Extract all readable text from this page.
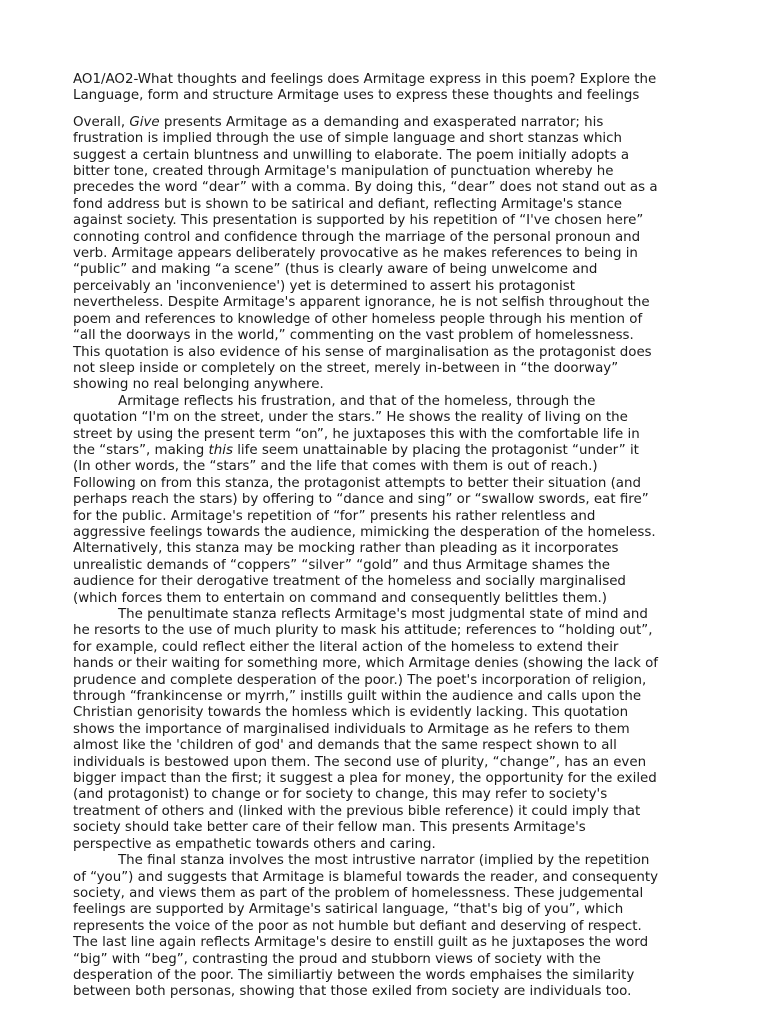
AO1/AO2-What thoughts and feelings does Armitage express in this poem? Explore the
Language, form and structure Armitage uses to express these thoughts and feelings
Overall, Give presents Armitage as a demanding and exasperated narrator; his
frustration is implied through the use of simple language and short stanzas which
suggest a certain bluntness and unwilling to elaborate. The poem initially adopts a
bitter tone, created through Armitage's manipulation of punctuation whereby he
precedes the word “dear” with a comma. By doing this, “dear” does not stand out as a
fond address but is shown to be satirical and defiant, reflecting Armitage's stance
against society. This presentation is supported by his repetition of “I've chosen here”
connoting control and confidence through the marriage of the personal pronoun and
verb. Armitage appears deliberately provocative as he makes references to being in
“public” and making “a scene” (thus is clearly aware of being unwelcome and
perceivably an 'inconvenience') yet is determined to assert his protagonist
nevertheless. Despite Armitage's apparent ignorance, he is not selfish throughout the
poem and references to knowledge of other homeless people through his mention of
“all the doorways in the world,” commenting on the vast problem of homelessness.
This quotation is also evidence of his sense of marginalisation as the protagonist does
not sleep inside or completely on the street, merely in-between in “the doorway”
showing no real belonging anywhere.
Armitage reflects his frustration, and that of the homeless, through the
quotation “I'm on the street, under the stars.” He shows the reality of living on the
street by using the present term “on”, he juxtaposes this with the comfortable life in
the “stars”, making this life seem unattainable by placing the protagonist “under” it
(In other words, the “stars” and the life that comes with them is out of reach.)
Following on from this stanza, the protagonist attempts to better their situation (and
perhaps reach the stars) by offering to “dance and sing” or “swallow swords, eat fire”
for the public. Armitage's repetition of “for” presents his rather relentless and
aggressive feelings towards the audience, mimicking the desperation of the homeless.
Alternatively, this stanza may be mocking rather than pleading as it incorporates
unrealistic demands of “coppers” “silver” “gold” and thus Armitage shames the
audience for their derogative treatment of the homeless and socially marginalised
(which forces them to entertain on command and consequently belittles them.)
The penultimate stanza reflects Armitage's most judgmental state of mind and
he resorts to the use of much plurity to mask his attitude; references to “holding out”,
for example, could reflect either the literal action of the homeless to extend their
hands or their waiting for something more, which Armitage denies (showing the lack of
prudence and complete desperation of the poor.) The poet's incorporation of religion,
through “frankincense or myrrh,” instills guilt within the audience and calls upon the
Christian genorisity towards the homless which is evidently lacking. This quotation
shows the importance of marginalised individuals to Armitage as he refers to them
almost like the 'children of god' and demands that the same respect shown to all
individuals is bestowed upon them. The second use of plurity, “change”, has an even
bigger impact than the first; it suggest a plea for money, the opportunity for the exiled
(and protagonist) to change or for society to change, this may refer to society's
treatment of others and (linked with the previous bible reference) it could imply that
society should take better care of their fellow man. This presents Armitage's
perspective as empathetic towards others and caring.
The final stanza involves the most intrustive narrator (implied by the repetition
of “you”) and suggests that Armitage is blameful towards the reader, and consequenty
society, and views them as part of the problem of homelessness. These judgemental
feelings are supported by Armitage's satirical language, “that's big of you”, which
represents the voice of the poor as not humble but defiant and deserving of respect.
The last line again reflects Armitage's desire to enstill guilt as he juxtaposes the word
“big” with “beg”, contrasting the proud and stubborn views of society with the
desperation of the poor. The similiartiy between the words emphaises the similarity
between both personas, showing that those exiled from society are individuals too.
